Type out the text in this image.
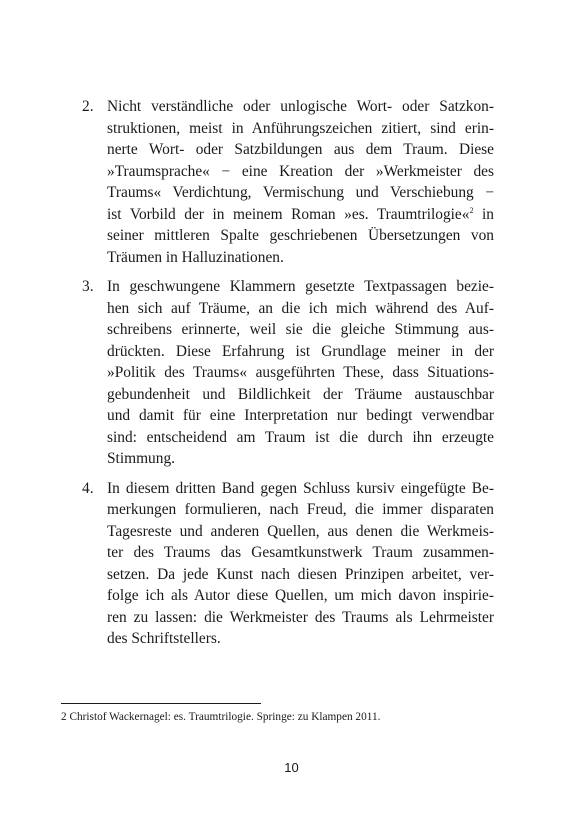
2. Nicht verständliche oder unlogische Wort- oder Satzkon-
struktionen, meist in Anführungszeichen zitiert, sind erin-
nerte Wort- oder Satzbildungen aus dem Traum. Diese
»Traumsprache« − eine Kreation der »Werkmeister des
Traums« Verdichtung, Vermischung und Verschiebung −
ist Vorbild der in meinem Roman »es. Traumtrilogie«$^2$ in
seiner mittleren Spalte geschriebenen Übersetzungen von
Träumen in Halluzinationen.
3. In geschwungene Klammern gesetzte Textpassagen bezie-
hen sich auf Träume, an die ich mich während des Auf-
schreibens erinnerte, weil sie die gleiche Stimmung aus-
drückten. Diese Erfahrung ist Grundlage meiner in der
»Politik des Traums« ausgeführten These, dass Situations-
gebundenheit und Bildlichkeit der Träume austauschbar
und damit für eine Interpretation nur bedingt verwendbar
sind: entscheidend am Traum ist die durch ihn erzeugte
Stimmung.
4. In diesem dritten Band gegen Schluss kursiv eingefügte Be-
merkungen formulieren, nach Freud, die immer disparaten
Tagesreste und anderen Quellen, aus denen die Werkmeis-
ter des Traums das Gesamtkunstwerk Traum zusammen-
setzen. Da jede Kunst nach diesen Prinzipen arbeitet, ver-
folge ich als Autor diese Quellen, um mich davon inspirie-
ren zu lassen: die Werkmeister des Traums als Lehrmeister
des Schriftstellers.
2 Christof Wackernagel: es. Traumtrilogie. Springe: zu Klampen 2011.
10
